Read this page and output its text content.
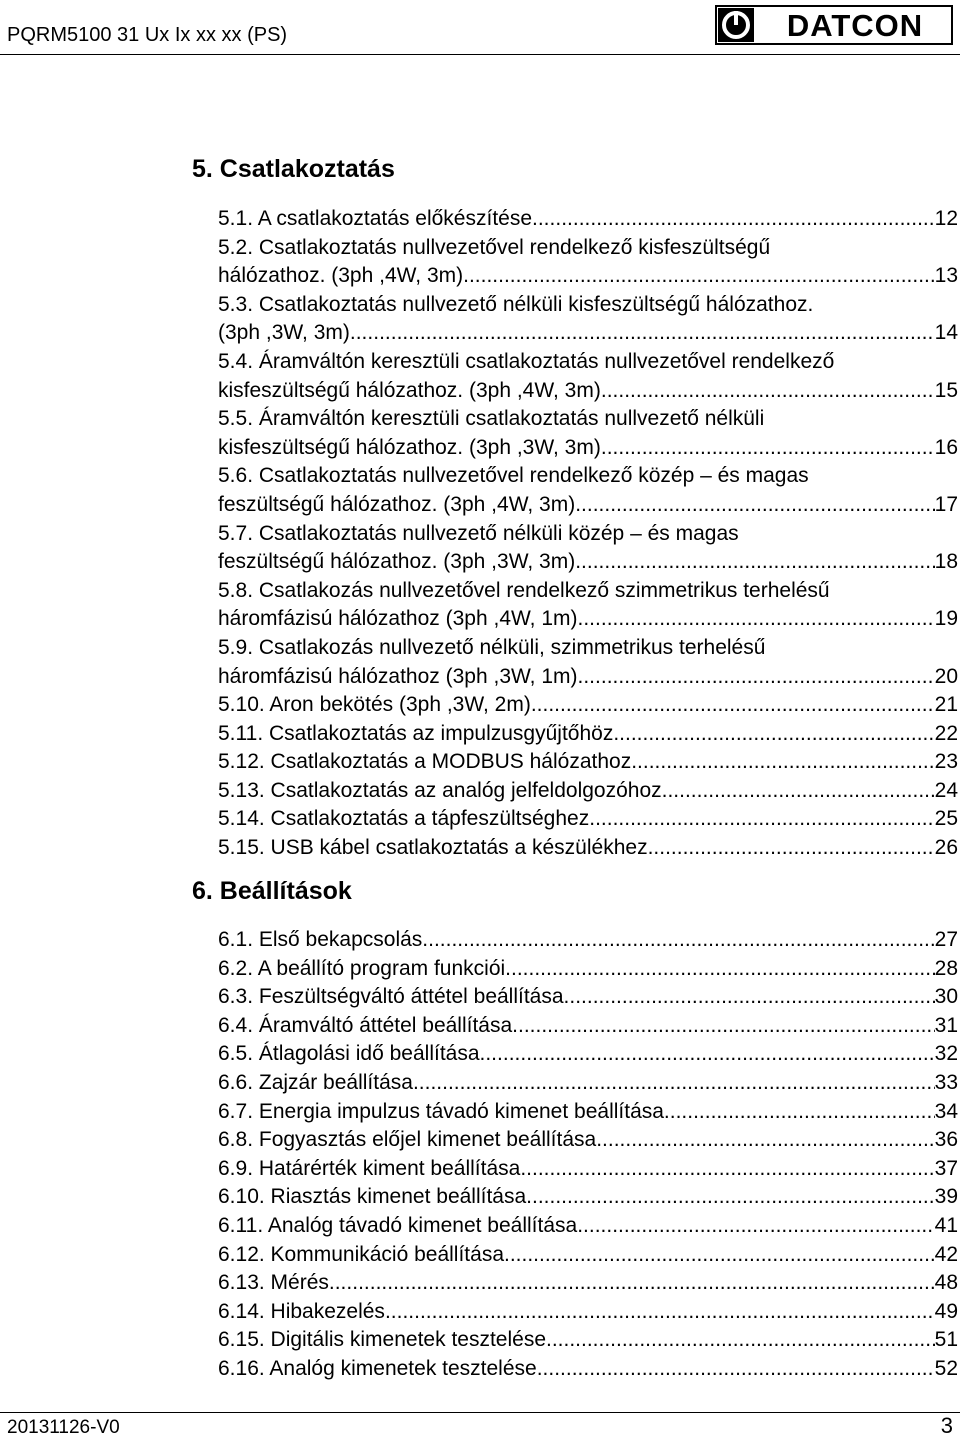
PQRM5100 31 Ux Ix xx xx (PS)	DATCON
5. Csatlakoztatás
5.1. A csatlakoztatás előkészítése .....	12
5.2. Csatlakoztatás nullvezetővel rendelkező kisfeszültségű
hálózathoz. (3ph ,4W, 3m) .....	13
5.3. Csatlakoztatás nullvezető nélküli kisfeszültségű hálózathoz.
(3ph ,3W, 3m) .....	14
5.4. Áramváltón keresztüli csatlakoztatás nullvezetővel rendelkező
kisfeszültségű hálózathoz. (3ph ,4W, 3m) .....	15
5.5. Áramváltón keresztüli csatlakoztatás nullvezető nélküli
kisfeszültségű hálózathoz. (3ph ,3W, 3m) .....	16
5.6. Csatlakoztatás nullvezetővel rendelkező közép – és magas
feszültségű hálózathoz. (3ph ,4W, 3m) .....	17
5.7. Csatlakoztatás nullvezető nélküli közép – és magas
feszültségű hálózathoz. (3ph ,3W, 3m) .....	18
5.8. Csatlakozás nullvezetővel rendelkező szimmetrikus terhelésű
háromfázisú hálózathoz (3ph ,4W, 1m) .....	19
5.9. Csatlakozás nullvezető nélküli, szimmetrikus terhelésű
háromfázisú hálózathoz (3ph ,3W, 1m) .....	20
5.10. Aron bekötés (3ph ,3W, 2m) .....	21
5.11. Csatlakoztatás az impulzusgyűjtőhöz .....	22
5.12. Csatlakoztatás a MODBUS hálózathoz .....	23
5.13. Csatlakoztatás az analóg jelfeldolgozóhoz .....	24
5.14. Csatlakoztatás a tápfeszültséghez .....	25
5.15. USB kábel csatlakoztatás a készülékhez .....	26
6. Beállítások
6.1. Első bekapcsolás .....	27
6.2. A beállító program funkciói .....	28
6.3. Feszültségváltó áttétel beállítása .....	30
6.4. Áramváltó áttétel beállítása .....	31
6.5. Átlagolási idő beállítása .....	32
6.6. Zajzár beállítása .....	33
6.7. Energia impulzus távadó kimenet beállítása .....	34
6.8. Fogyasztás előjel kimenet beállítása .....	36
6.9. Határérték kiment beállítása .....	37
6.10. Riasztás kimenet beállítása .....	39
6.11. Analóg távadó kimenet beállítása .....	41
6.12. Kommunikáció beállítása .....	42
6.13. Mérés .....	48
6.14. Hibakezelés .....	49
6.15. Digitális kimenetek tesztelése .....	51
6.16. Analóg kimenetek tesztelése .....	52
20131126-V0	3
